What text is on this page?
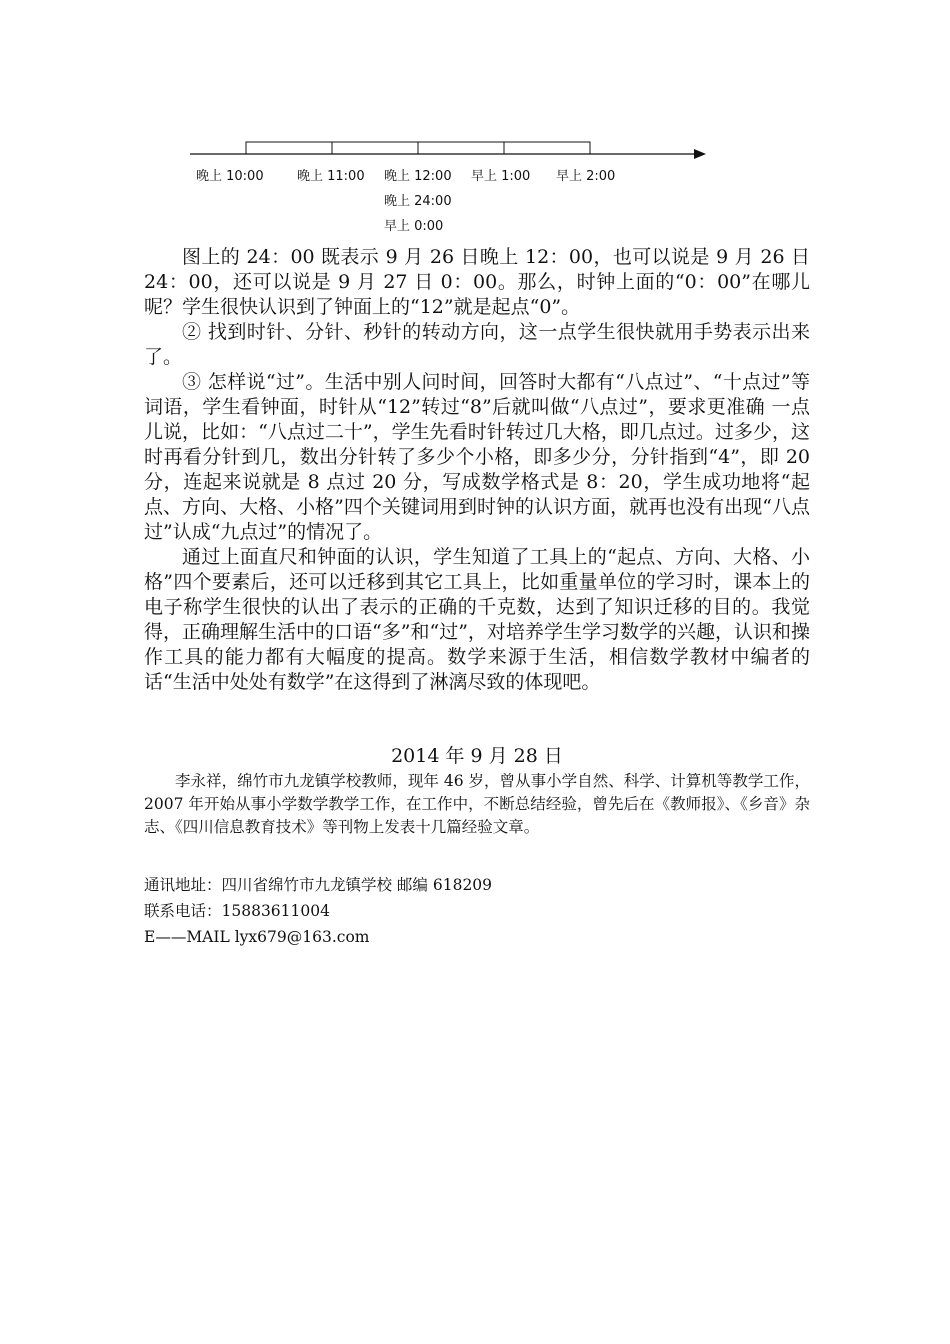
晚上 10:00	晚上 11:00 晚上 12:00 早上 1:00 早上 2:00
晚上 24:00
早上 0:00

图上的 24：00 既表示 9 月 26 日晚上 12：00，也可以说是 9 月 26 日 24：00，还可以说是 9 月 27 日 0：00。那么，时钟上面的“0：00”在哪儿呢？学生很快认识到了钟面上的“12”就是起点“0”。

② 找到时针、分针、秒针的转动方向，这一点学生很快就用手势表示出来了。

③ 怎样说“过”。生活中别人问时间，回答时大都有“八点过”、“十点过”等词语，学生看钟面，时针从“12”转过“8”后就叫做“八点过”，要求更准确 一点儿说，比如：“八点过二十”，学生先看时针转过几大格，即几点过。过多少，这时再看分针到几，数出分针转了多少个小格，即多少分，分针指到“4”，即 20 分，连起来说就是 8 点过 20 分，写成数学格式是 8：20，学生成功地将“起点、方向、大格、小格”四个关键词用到时钟的认识方面，就再也没有出现“八点过”认成“九点过”的情况了。

通过上面直尺和钟面的认识，学生知道了工具上的“起点、方向、大格、小格”四个要素后，还可以迁移到其它工具上，比如重量单位的学习时，课本上的电子称学生很快的认出了表示的正确的千克数，达到了知识迁移的目的。我觉得，正确理解生活中的口语“多”和“过”，对培养学生学习数学的兴趣，认识和操作工具的能力都有大幅度的提高。数学来源于生活，相信数学教材中编者的话“生活中处处有数学”在这得到了淋漓尽致的体现吧。

2014 年 9 月 28 日

李永祥，绵竹市九龙镇学校教师，现年 46 岁，曾从事小学自然、科学、计算机等教学工作，2007 年开始从事小学数学教学工作，在工作中，不断总结经验，曾先后在《教师报》、《乡音》杂志、《四川信息教育技术》等刊物上发表十几篇经验文章。

通讯地址：四川省绵竹市九龙镇学校 邮编 618209
联系电话：15883611004
E——MAIL lyx679@163.com
